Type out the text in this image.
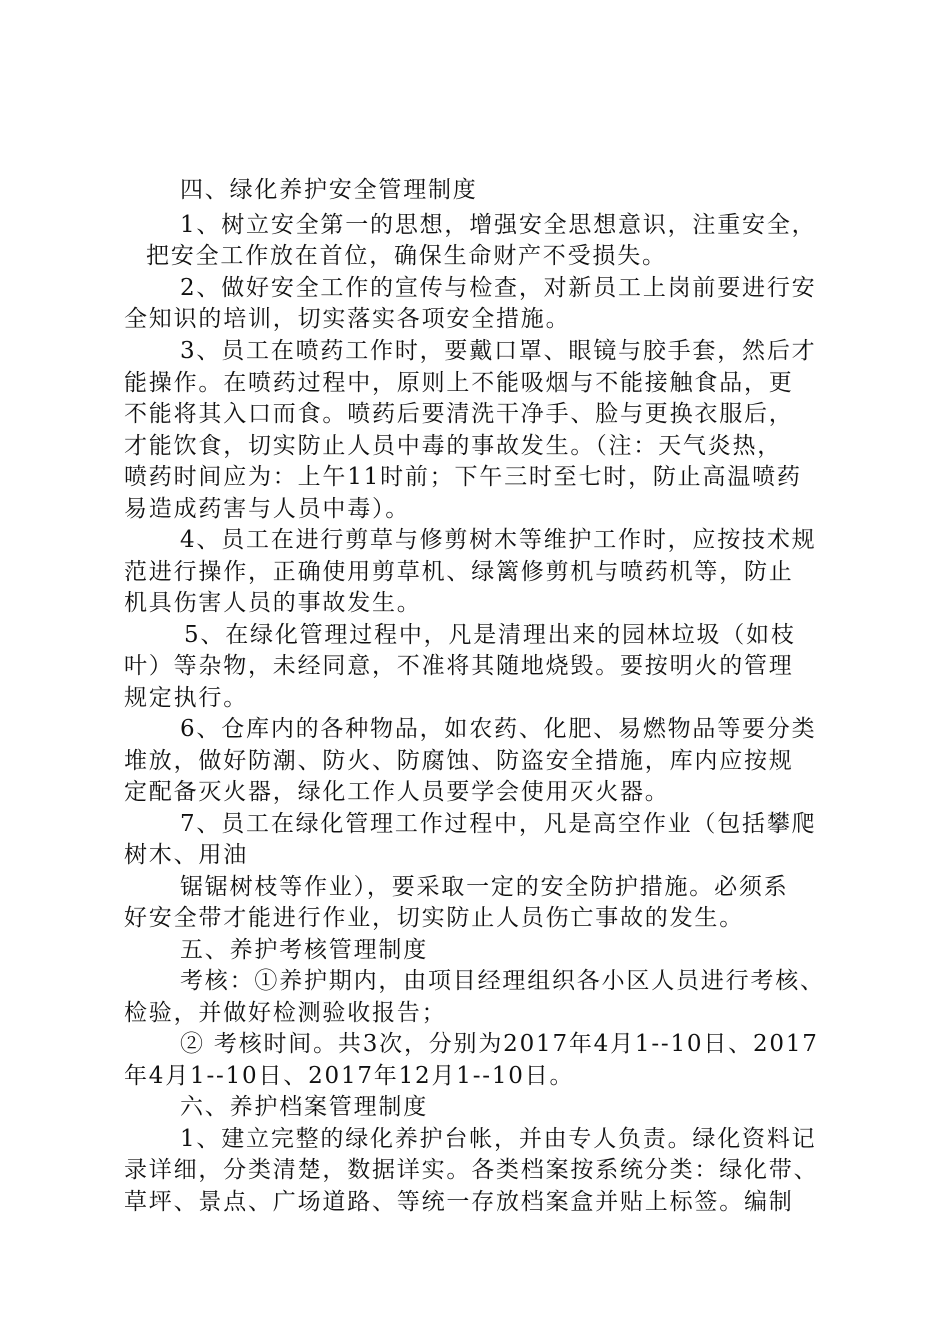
四、绿化养护安全管理制度
1、树立安全第一的思想，增强安全思想意识，注重安全，
把安全工作放在首位，确保生命财产不受损失。
2、做好安全工作的宣传与检查，对新员工上岗前要进行安
全知识的培训，切实落实各项安全措施。
3、员工在喷药工作时，要戴口罩、眼镜与胶手套，然后才
能操作。在喷药过程中，原则上不能吸烟与不能接触食品，更
不能将其入口而食。喷药后要清洗干净手、脸与更换衣服后，
才能饮食，切实防止人员中毒的事故发生。（注：天气炎热，
喷药时间应为：上午11时前；下午三时至七时，防止高温喷药
易造成药害与人员中毒）。
4、员工在进行剪草与修剪树木等维护工作时，应按技术规
范进行操作，正确使用剪草机、绿篱修剪机与喷药机等，防止
机具伤害人员的事故发生。
5、在绿化管理过程中，凡是清理出来的园林垃圾（如枝
叶）等杂物，未经同意，不准将其随地烧毁。要按明火的管理
规定执行。
6、仓库内的各种物品，如农药、化肥、易燃物品等要分类
堆放，做好防潮、防火、防腐蚀、防盗安全措施，库内应按规
定配备灭火器，绿化工作人员要学会使用灭火器。
7、员工在绿化管理工作过程中，凡是高空作业（包括攀爬
树木、用油
锯锯树枝等作业），要采取一定的安全防护措施。必须系
好安全带才能进行作业，切实防止人员伤亡事故的发生。
五、养护考核管理制度
考核：①养护期内，由项目经理组织各小区人员进行考核、
检验，并做好检测验收报告；
② 考核时间。共3次，分别为2017年4月1--10日、2017
年4月1--10日、2017年12月1--10日。
六、养护档案管理制度
1、建立完整的绿化养护台帐，并由专人负责。绿化资料记
录详细，分类清楚，数据详实。各类档案按系统分类：绿化带、
草坪、景点、广场道路、等统一存放档案盒并贴上标签。编制
